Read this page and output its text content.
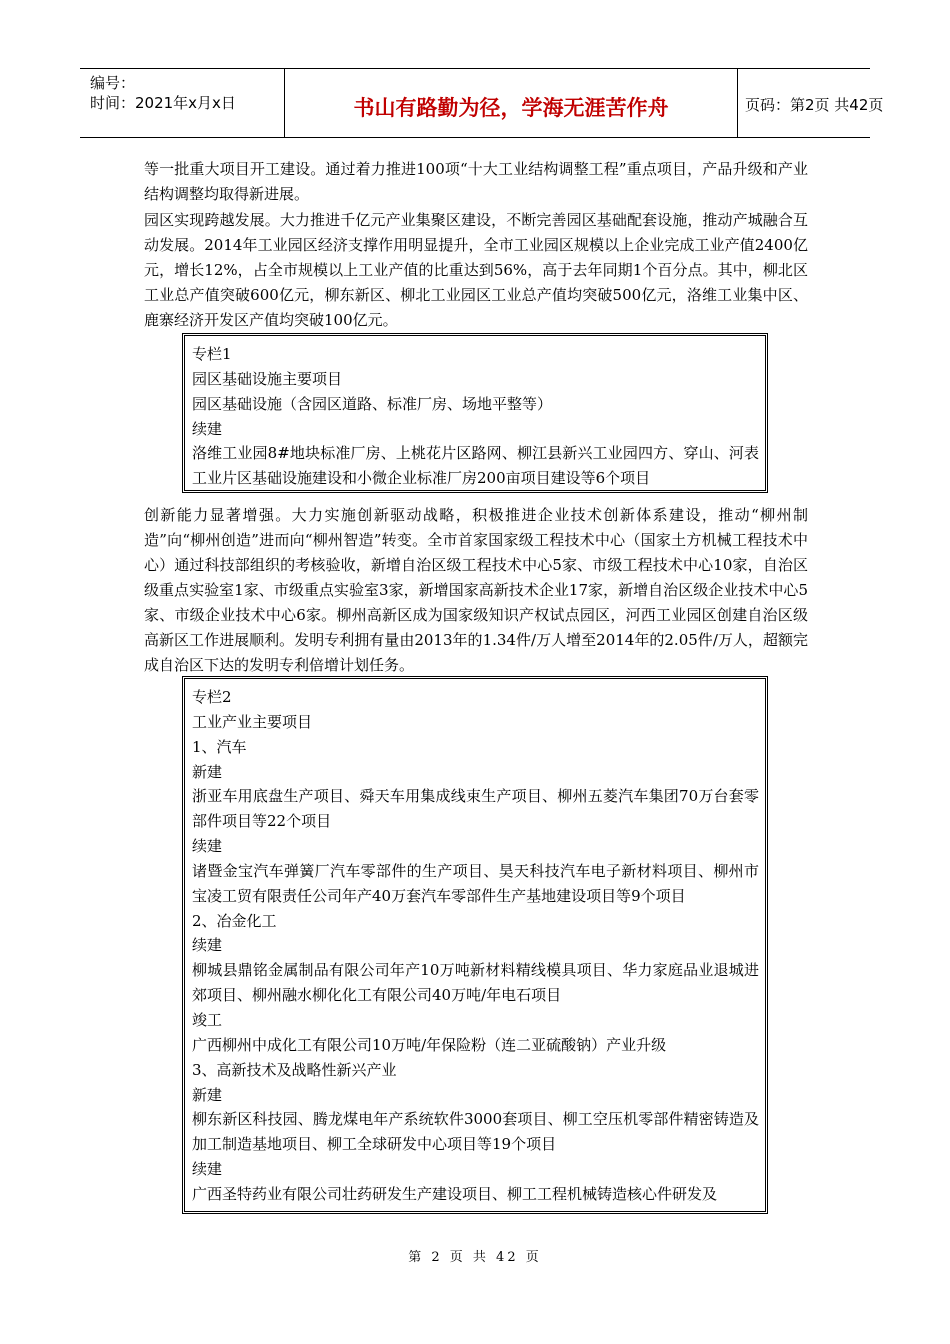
编号：
时间：2021年x月x日	书山有路勤为径，学海无涯苦作舟	页码：第2页 共42页
等一批重大项目开工建设。通过着力推进100项“十大工业结构调整工程”重点项目，产品升级和产业结构调整均取得新进展。
园区实现跨越发展。大力推进千亿元产业集聚区建设，不断完善园区基础配套设施，推动产城融合互动发展。2014年工业园区经济支撑作用明显提升，全市工业园区规模以上企业完成工业产值2400亿元，增长12%，占全市规模以上工业产值的比重达到56%，高于去年同期1个百分点。其中，柳北区工业总产值突破600亿元，柳东新区、柳北工业园区工业总产值均突破500亿元，洛维工业集中区、鹿寨经济开发区产值均突破100亿元。
专栏1
园区基础设施主要项目
园区基础设施（含园区道路、标准厂房、场地平整等）
续建
洛维工业园8#地块标准厂房、上桃花片区路网、柳江县新兴工业园四方、穿山、河表工业片区基础设施建设和小微企业标准厂房200亩项目建设等6个项目
创新能力显著增强。大力实施创新驱动战略，积极推进企业技术创新体系建设，推动“柳州制造”向“柳州创造”进而向“柳州智造”转变。全市首家国家级工程技术中心（国家土方机械工程技术中心）通过科技部组织的考核验收，新增自治区级工程技术中心5家、市级工程技术中心10家，自治区级重点实验室1家、市级重点实验室3家，新增国家高新技术企业17家，新增自治区级企业技术中心5家、市级企业技术中心6家。柳州高新区成为国家级知识产权试点园区，河西工业园区创建自治区级高新区工作进展顺利。发明专利拥有量由2013年的1.34件/万人增至2014年的2.05件/万人，超额完成自治区下达的发明专利倍增计划任务。
专栏2
工业产业主要项目
1、汽车
新建
浙亚车用底盘生产项目、舜天车用集成线束生产项目、柳州五菱汽车集团70万台套零部件项目等22个项目
续建
诸暨金宝汽车弹簧厂汽车零部件的生产项目、昊天科技汽车电子新材料项目、柳州市宝凌工贸有限责任公司年产40万套汽车零部件生产基地建设项目等9个项目
2、冶金化工
续建
柳城县鼎铭金属制品有限公司年产10万吨新材料精线模具项目、华力家庭品业退城进郊项目、柳州融水柳化化工有限公司40万吨/年电石项目
竣工
广西柳州中成化工有限公司10万吨/年保险粉（连二亚硫酸钠）产业升级
3、高新技术及战略性新兴产业
新建
柳东新区科技园、腾龙煤电年产系统软件3000套项目、柳工空压机零部件精密铸造及加工制造基地项目、柳工全球研发中心项目等19个项目
续建
广西圣特药业有限公司壮药研发生产建设项目、柳工工程机械铸造核心件研发及
第 2 页 共 42 页
